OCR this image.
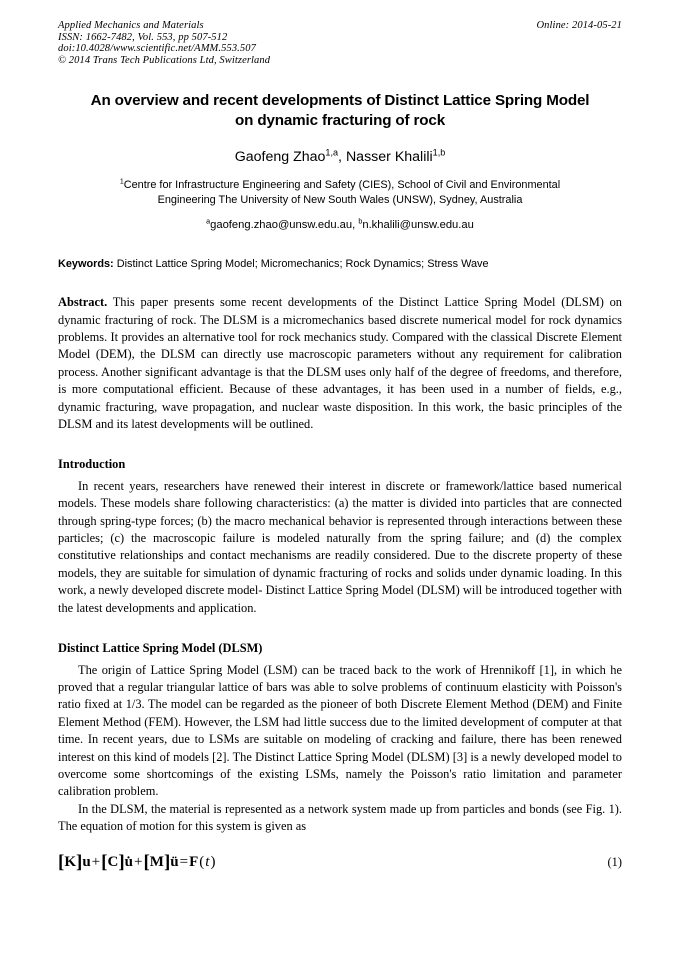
Applied Mechanics and Materials
ISSN: 1662-7482, Vol. 553, pp 507-512
doi:10.4028/www.scientific.net/AMM.553.507
© 2014 Trans Tech Publications Ltd, Switzerland
Online: 2014-05-21
An overview and recent developments of Distinct Lattice Spring Model
on dynamic fracturing of rock
Gaofeng Zhao$^{1,a}$, Nasser Khalili$^{1,b}$
$^1$Centre for Infrastructure Engineering and Safety (CIES), School of Civil and Environmental
Engineering The University of New South Wales (UNSW), Sydney, Australia
$^a$gaofeng.zhao@unsw.edu.au, $^b$n.khalili@unsw.edu.au
Keywords: Distinct Lattice Spring Model; Micromechanics; Rock Dynamics; Stress Wave

Abstract. This paper presents some recent developments of the Distinct Lattice Spring Model (DLSM) on dynamic fracturing of rock. The DLSM is a micromechanics based discrete numerical model for rock dynamics problems. It provides an alternative tool for rock mechanics study. Compared with the classical Discrete Element Model (DEM), the DLSM can directly use macroscopic parameters without any requirement for calibration process. Another significant advantage is that the DLSM uses only half of the degree of freedoms, and therefore, is more computational efficient. Because of these advantages, it has been used in a number of fields, e.g., dynamic fracturing, wave propagation, and nuclear waste disposition. In this work, the basic principles of the DLSM and its latest developments will be outlined.

Introduction

In recent years, researchers have renewed their interest in discrete or framework/lattice based numerical models. These models share following characteristics: (a) the matter is divided into particles that are connected through spring-type forces; (b) the macro mechanical behavior is represented through interactions between these particles; (c) the macroscopic failure is modeled naturally from the spring failure; and (d) the complex constitutive relationships and contact mechanisms are readily considered. Due to the discrete property of these models, they are suitable for simulation of dynamic fracturing of rocks and solids under dynamic loading. In this work, a newly developed discrete model- Distinct Lattice Spring Model (DLSM) will be introduced together with the latest developments and application.

Distinct Lattice Spring Model (DLSM)

The origin of Lattice Spring Model (LSM) can be traced back to the work of Hrennikoff [1], in which he proved that a regular triangular lattice of bars was able to solve problems of continuum elasticity with Poisson's ratio fixed at 1/3. The model can be regarded as the pioneer of both Discrete Element Method (DEM) and Finite Element Method (FEM). However, the LSM had little success due to the limited development of computer at that time. In recent years, due to LSMs are suitable on modeling of cracking and failure, there has been renewed interest on this kind of models [2]. The Distinct Lattice Spring Model (DLSM) [3] is a newly developed model to overcome some shortcomings of the existing LSMs, namely the Poisson's ratio limitation and parameter calibration problem.

In the DLSM, the material is represented as a network system made up from particles and bonds (see Fig. 1). The equation of motion for this system is given as

[K]u+[C]u̇+[M]ü=F(t)	(1)
